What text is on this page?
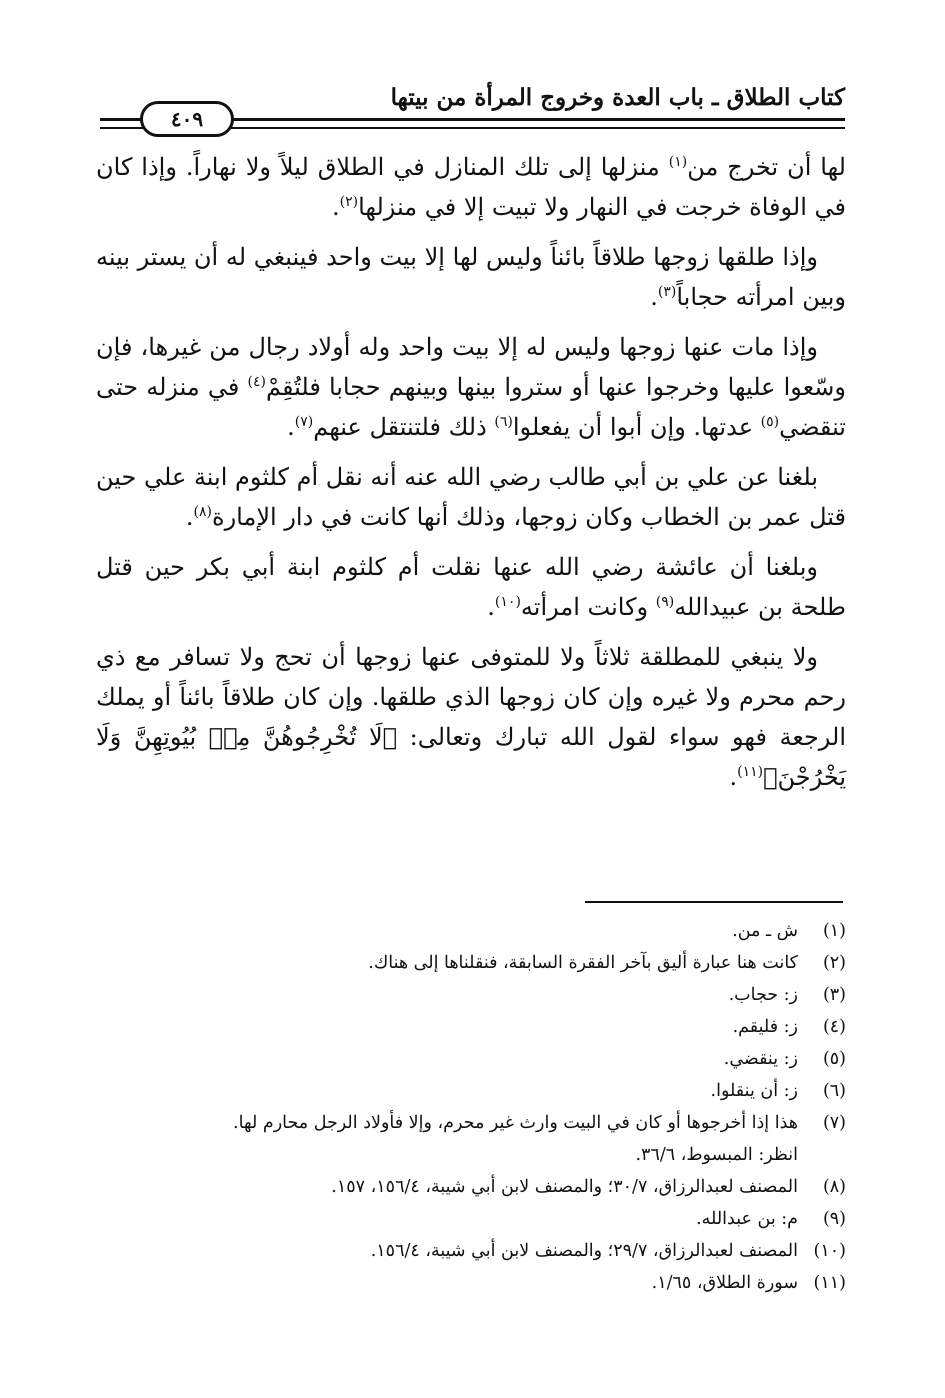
كتاب الطلاق ـ باب العدة وخروج المرأة من بيتها
٤٠٩

لها أن تخرج من$^{(١)}$ منزلها إلى تلك المنازل في الطلاق ليلاً ولا نهاراً. وإذا كان في الوفاة خرجت في النهار ولا تبيت إلا في منزلها$^{(٢)}$.

وإذا طلقها زوجها طلاقاً بائناً وليس لها إلا بيت واحد فينبغي له أن يستر بينه وبين امرأته حجاباً$^{(٣)}$.

وإذا مات عنها زوجها وليس له إلا بيت واحد وله أولاد رجال من غيرها، فإن وسّعوا عليها وخرجوا عنها أو ستروا بينها وبينهم حجابا فلتُقِمْ$^{(٤)}$ في منزله حتى تنقضي$^{(٥)}$ عدتها. وإن أبوا أن يفعلوا$^{(٦)}$ ذلك فلتنتقل عنهم$^{(٧)}$.

بلغنا عن علي بن أبي طالب رضي الله عنه أنه نقل أم كلثوم ابنة علي حين قتل عمر بن الخطاب وكان زوجها، وذلك أنها كانت في دار الإمارة$^{(٨)}$.

وبلغنا أن عائشة رضي الله عنها نقلت أم كلثوم ابنة أبي بكر حين قتل طلحة بن عبيدالله$^{(٩)}$ وكانت امرأته$^{(١٠)}$.

ولا ينبغي للمطلقة ثلاثاً ولا للمتوفى عنها زوجها أن تحج ولا تسافر مع ذي رحم محرم ولا غيره وإن كان زوجها الذي طلقها. وإن كان طلاقاً بائناً أو يملك الرجعة فهو سواء لقول الله تبارك وتعالى: ﴿لَا تُخْرِجُوهُنَّ مِنۢ بُيُوتِهِنَّ وَلَا يَخْرُجْنَ﴾$^{(١١)}$.

(١)
ش ـ من.
(٢)
كانت هنا عبارة أليق بآخر الفقرة السابقة، فنقلناها إلى هناك.
(٣)
ز: حجاب.
(٤)
ز: فليقم.
(٥)
ز: ينقضي.
(٦)
ز: أن ينقلوا.
(٧)
هذا إذا أخرجوها أو كان في البيت وارث غير محرم، وإلا فأولاد الرجل محارم لها.
انظر: المبسوط، ٣٦/٦.
(٨)
المصنف لعبدالرزاق، ٣٠/٧؛ والمصنف لابن أبي شيبة، ١٥٦/٤، ١٥٧.
(٩)
م: بن عبدالله.
(١٠)
المصنف لعبدالرزاق، ٢٩/٧؛ والمصنف لابن أبي شيبة، ١٥٦/٤.
(١١)
سورة الطلاق، ١/٦٥.
